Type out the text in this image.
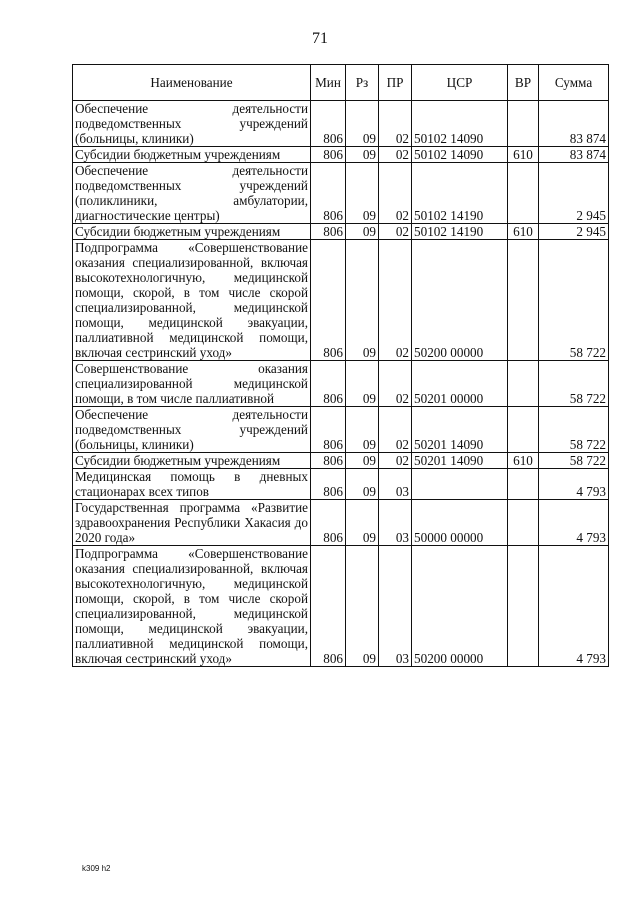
71
Наименование	Мин	Рз	ПР	ЦСР	ВР	Сумма
Обеспечение деятельности подведомственных учреждений (больницы, клиники)	806	09	02	50102 14090		83 874
Субсидии бюджетным учреждениям	806	09	02	50102 14090	610	83 874
Обеспечение деятельности подведомственных учреждений (поликлиники, амбулатории, диагностические центры)	806	09	02	50102 14190		2 945
Субсидии бюджетным учреждениям	806	09	02	50102 14190	610	2 945
Подпрограмма «Совершенствование оказания специализированной, включая высокотехнологичную, медицинской помощи, скорой, в том числе скорой специализированной, медицинской помощи, медицинской эвакуации, паллиативной медицинской помощи, включая сестринский уход»	806	09	02	50200 00000		58 722
Совершенствование оказания специализированной медицинской помощи, в том числе паллиативной	806	09	02	50201 00000		58 722
Обеспечение деятельности подведомственных учреждений (больницы, клиники)	806	09	02	50201 14090		58 722
Субсидии бюджетным учреждениям	806	09	02	50201 14090	610	58 722
Медицинская помощь в дневных стационарах всех типов	806	09	03			4 793
Государственная программа «Развитие здравоохранения Республики Хакасия до 2020 года»	806	09	03	50000 00000		4 793
Подпрограмма «Совершенствование оказания специализированной, включая высокотехнологичную, медицинской помощи, скорой, в том числе скорой специализированной, медицинской помощи, медицинской эвакуации, паллиативной медицинской помощи, включая сестринский уход»	806	09	03	50200 00000		4 793
k309 h2
